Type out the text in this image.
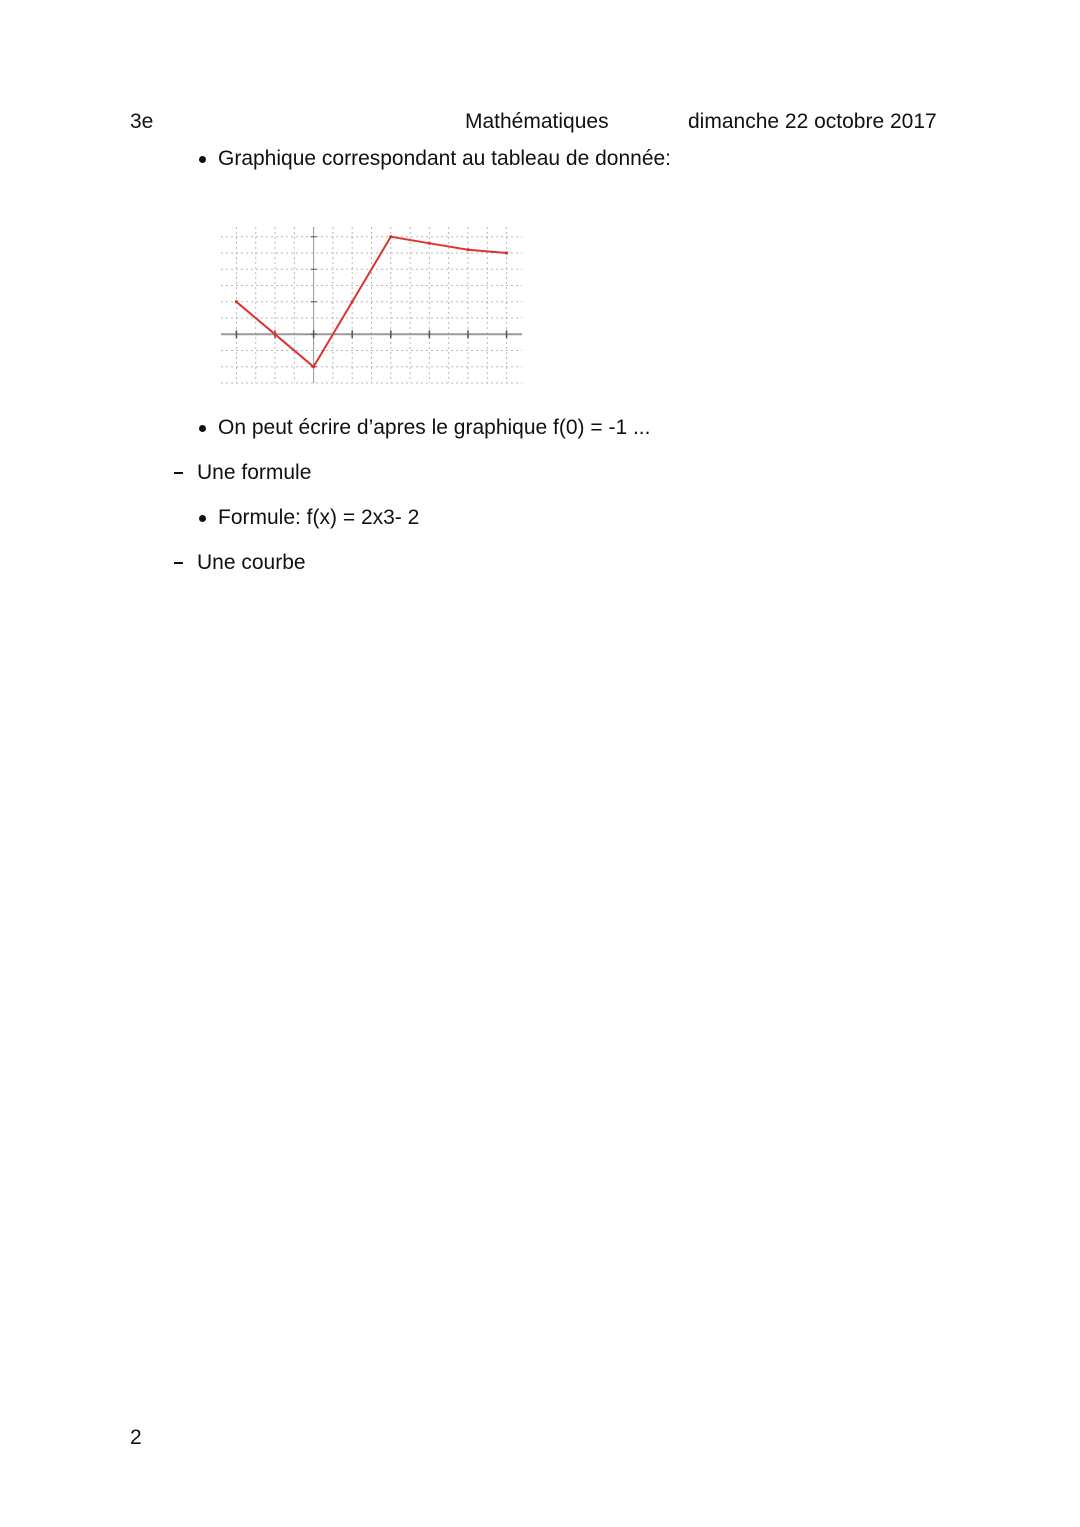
3e	Mathématiques	dimanche 22 octobre 2017
Graphique correspondant au tableau de donnée:
On peut écrire d’apres le graphique f(0) = -1 ...
Une formule
Formule: f(x) = 2x3- 2
Une courbe
2
